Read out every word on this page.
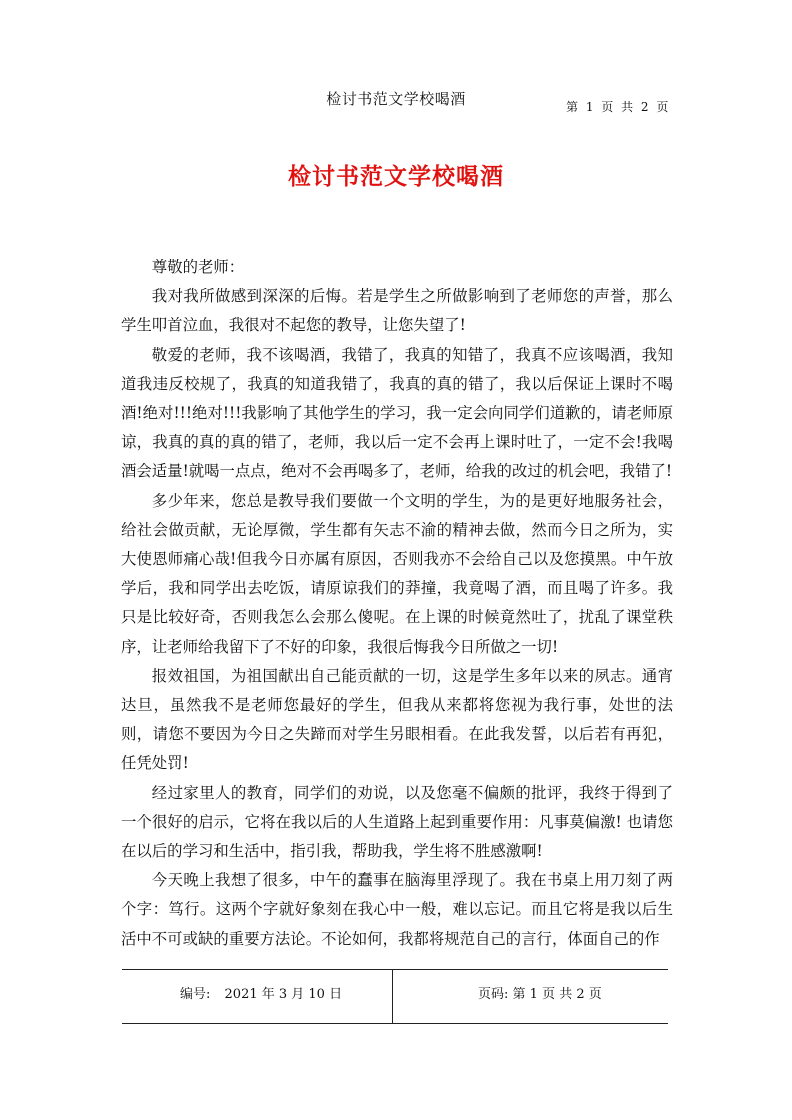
检讨书范文学校喝酒	第 1 页 共 2 页
检讨书范文学校喝酒

尊敬的老师：

我对我所做感到深深的后悔。若是学生之所做影响到了老师您的声誉，那么学生叩首泣血，我很对不起您的教导，让您失望了!

敬爱的老师，我不该喝酒，我错了，我真的知错了，我真不应该喝酒，我知道我违反校规了，我真的知道我错了，我真的真的错了，我以后保证上课时不喝酒!绝对!!!绝对!!!我影响了其他学生的学习，我一定会向同学们道歉的，请老师原谅，我真的真的真的错了，老师，我以后一定不会再上课时吐了，一定不会!我喝酒会适量!就喝一点点，绝对不会再喝多了，老师，给我的改过的机会吧，我错了!

多少年来，您总是教导我们要做一个文明的学生，为的是更好地服务社会，给社会做贡献，无论厚微，学生都有矢志不渝的精神去做，然而今日之所为，实大使恩师痛心哉!但我今日亦属有原因，否则我亦不会给自己以及您摸黑。中午放学后，我和同学出去吃饭，请原谅我们的莽撞，我竟喝了酒，而且喝了许多。我只是比较好奇，否则我怎么会那么傻呢。在上课的时候竟然吐了，扰乱了课堂秩序，让老师给我留下了不好的印象，我很后悔我今日所做之一切!

报效祖国，为祖国献出自己能贡献的一切，这是学生多年以来的夙志。通宵达旦，虽然我不是老师您最好的学生，但我从来都将您视为我行事，处世的法则，请您不要因为今日之失蹄而对学生另眼相看。在此我发誓，以后若有再犯，任凭处罚!

经过家里人的教育，同学们的劝说，以及您毫不偏颇的批评，我终于得到了一个很好的启示，它将在我以后的人生道路上起到重要作用：凡事莫偏激! 也请您在以后的学习和生活中，指引我，帮助我，学生将不胜感激啊!

今天晚上我想了很多，中午的蠢事在脑海里浮现了。我在书桌上用刀刻了两个字：笃行。这两个字就好象刻在我心中一般，难以忘记。而且它将是我以后生活中不可或缺的重要方法论。不论如何，我都将规范自己的言行，体面自己的作

编号: 2021 年 3 月 10 日	页码: 第 1 页 共 2 页
